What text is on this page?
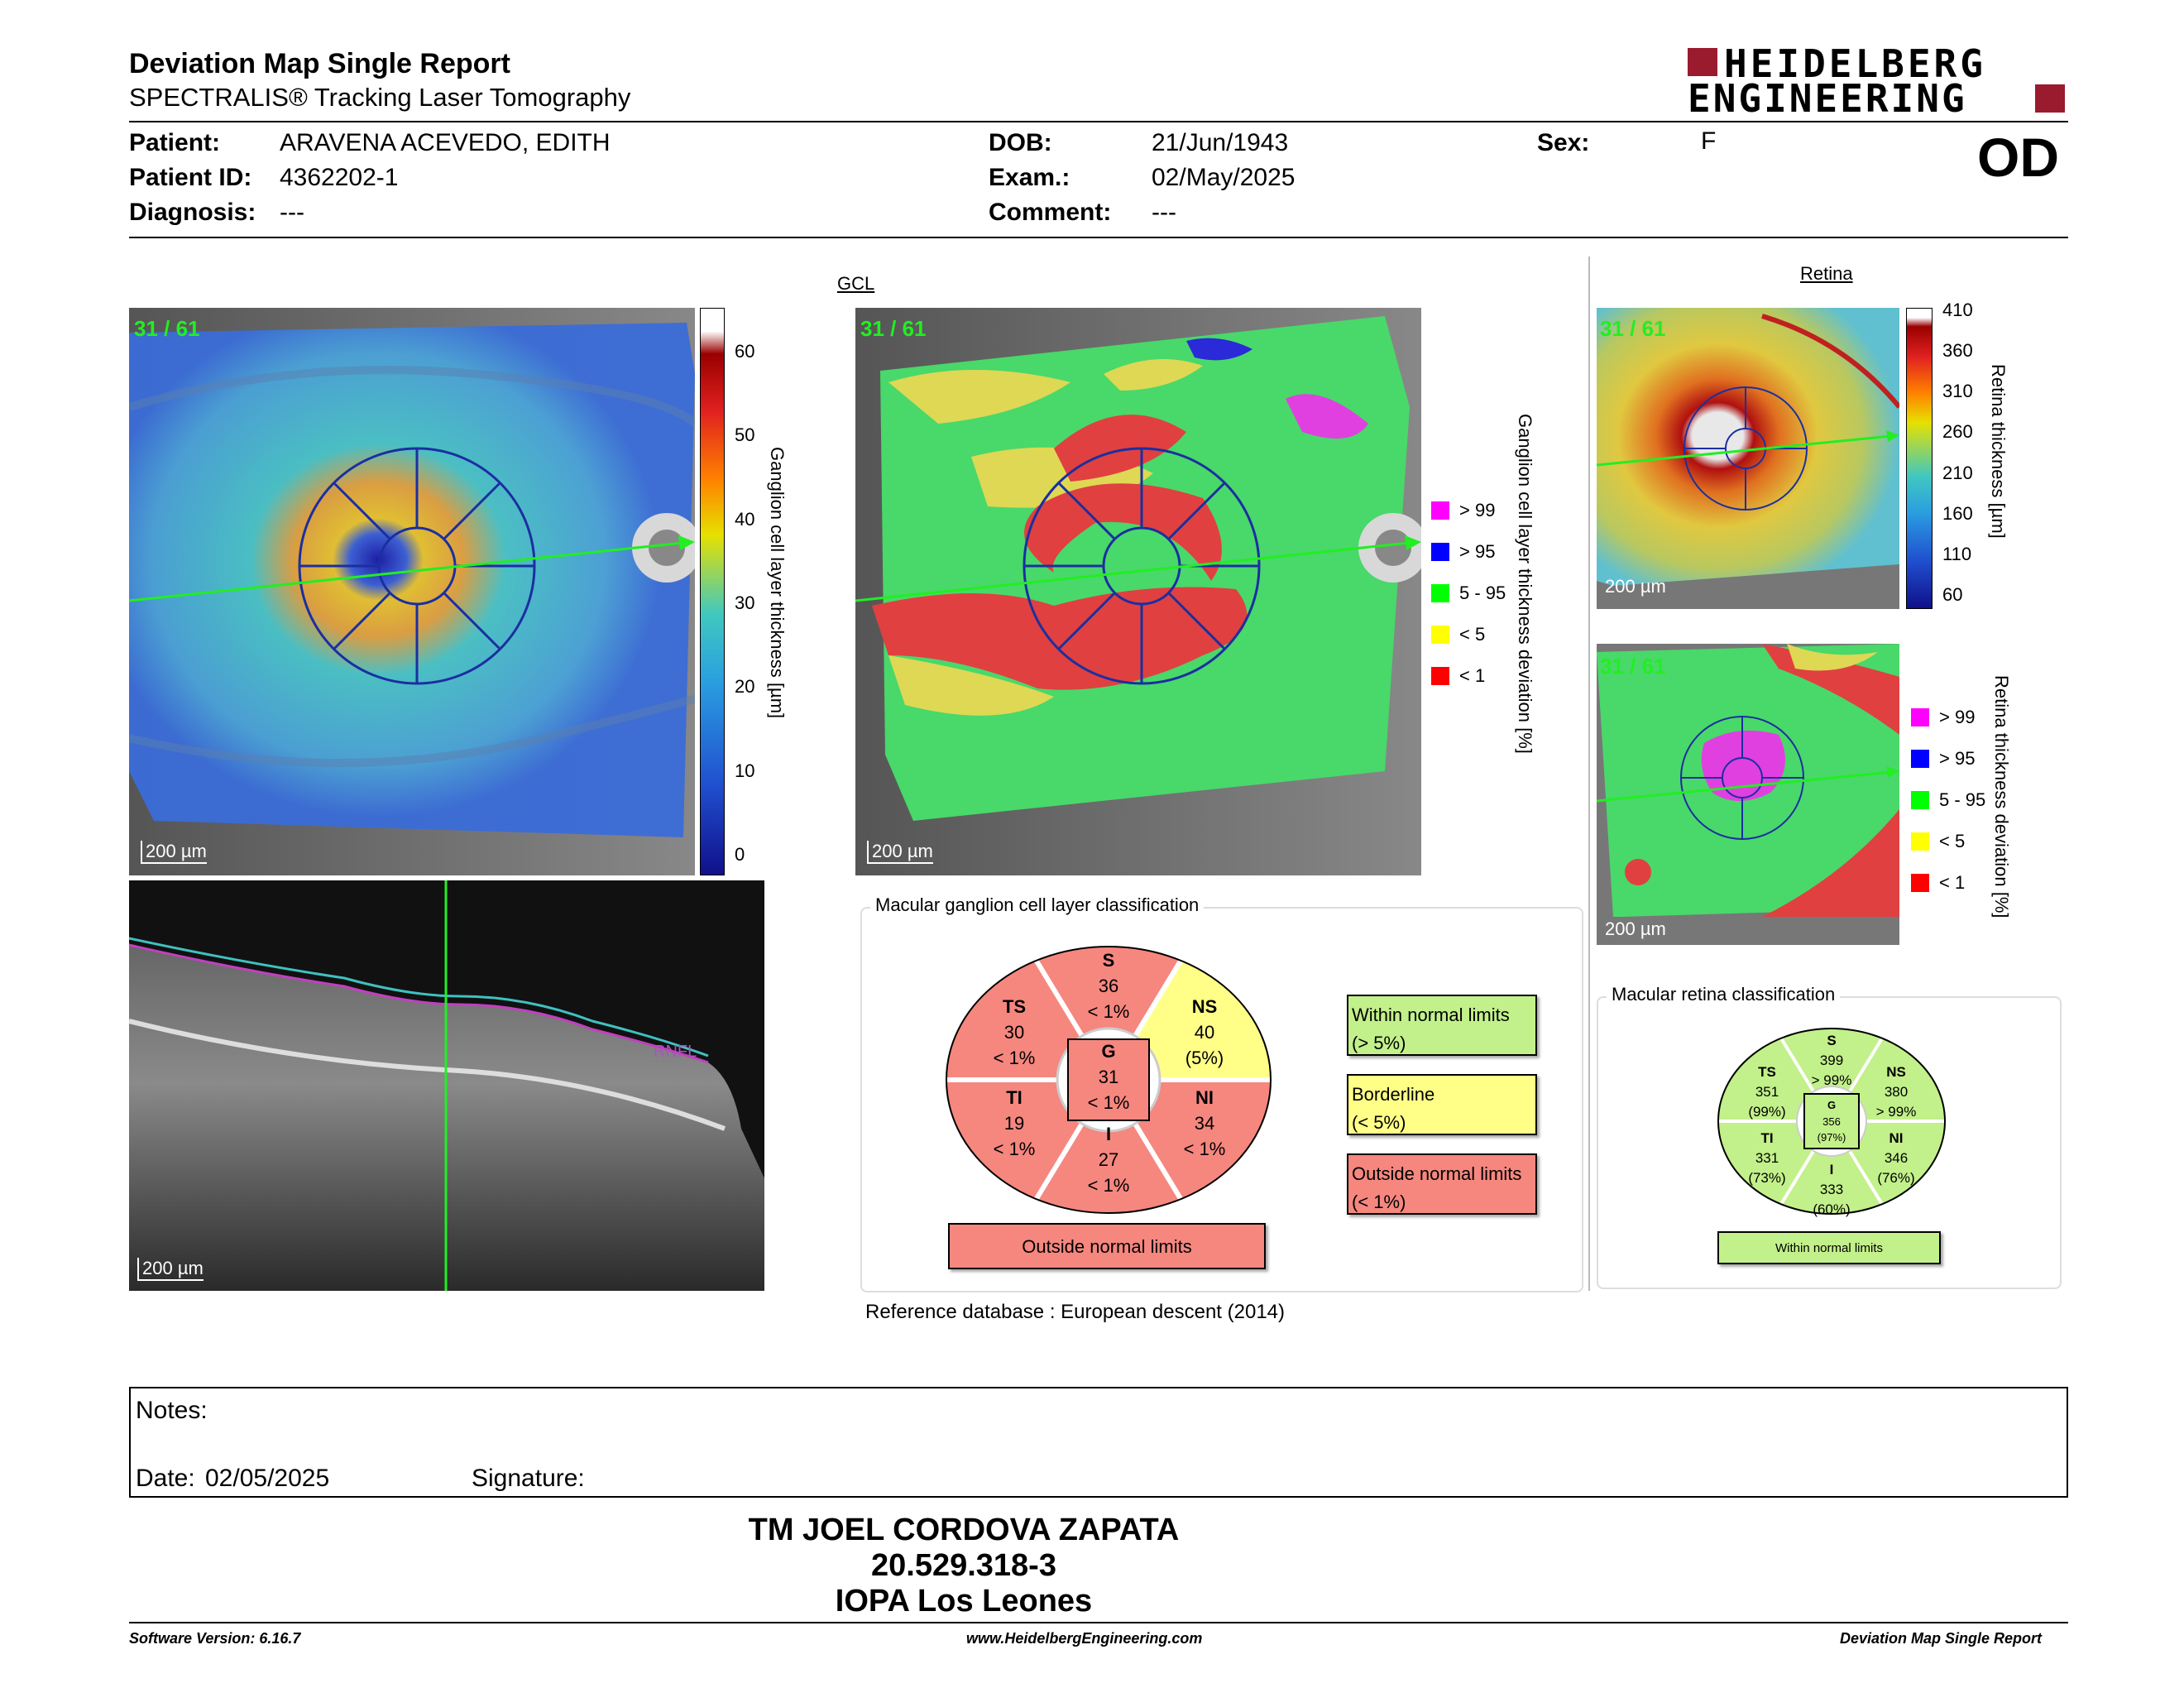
Deviation Map Single Report
SPECTRALIS® Tracking Laser Tomography
HEIDELBERG
ENGINEERING
Patient: ARAVENA ACEVEDO, EDITH
Patient ID: 4362202-1
Diagnosis: ---
DOB:	21/Jun/1943
Exam.:	02/May/2025
Comment: ---
Sex:	F	OD
31 / 61
200 µm
60
50
40
30
20
10
0
Ganglion cell layer thickness [µm]
RNFL
200 µm
GCL
31 / 61
200 µm
> 99
> 95
5 - 95
< 5
< 1 Ganglion cell layer thickness deviation [%]
Retina
31 / 61
200 µm
410
360
310
260
210
160
110
60
Retina thickness [µm]
31 / 61
200 µm
> 99
> 95
5 - 95
< 5
< 1 Retina thickness deviation [%]
Macular ganglion cell layer classification
S
36
< 1%
TS
30
< 1%
NS
40
(5%)
G
31
< 1%
TI
19
< 1%
NI
34
< 1%
I
27
< 1%
Outside normal limits
Within normal limits
(> 5%)
Borderline
(< 5%)
Outside normal limits
(< 1%)
Reference database : European descent (2014)
Macular retina classification
S
399
> 99%
TS
351
(99%)
NS
380
> 99%
TI
331
(73%)
NI
346
(76%)
I
333
(60%)
G
356
(97%)
Within normal limits
Notes:
Date: 02/05/2025	Signature:
TM JOEL CORDOVA ZAPATA
20.529.318-3
IOPA Los Leones
Software Version: 6.16.7	www.HeidelbergEngineering.com	Deviation Map Single Report
